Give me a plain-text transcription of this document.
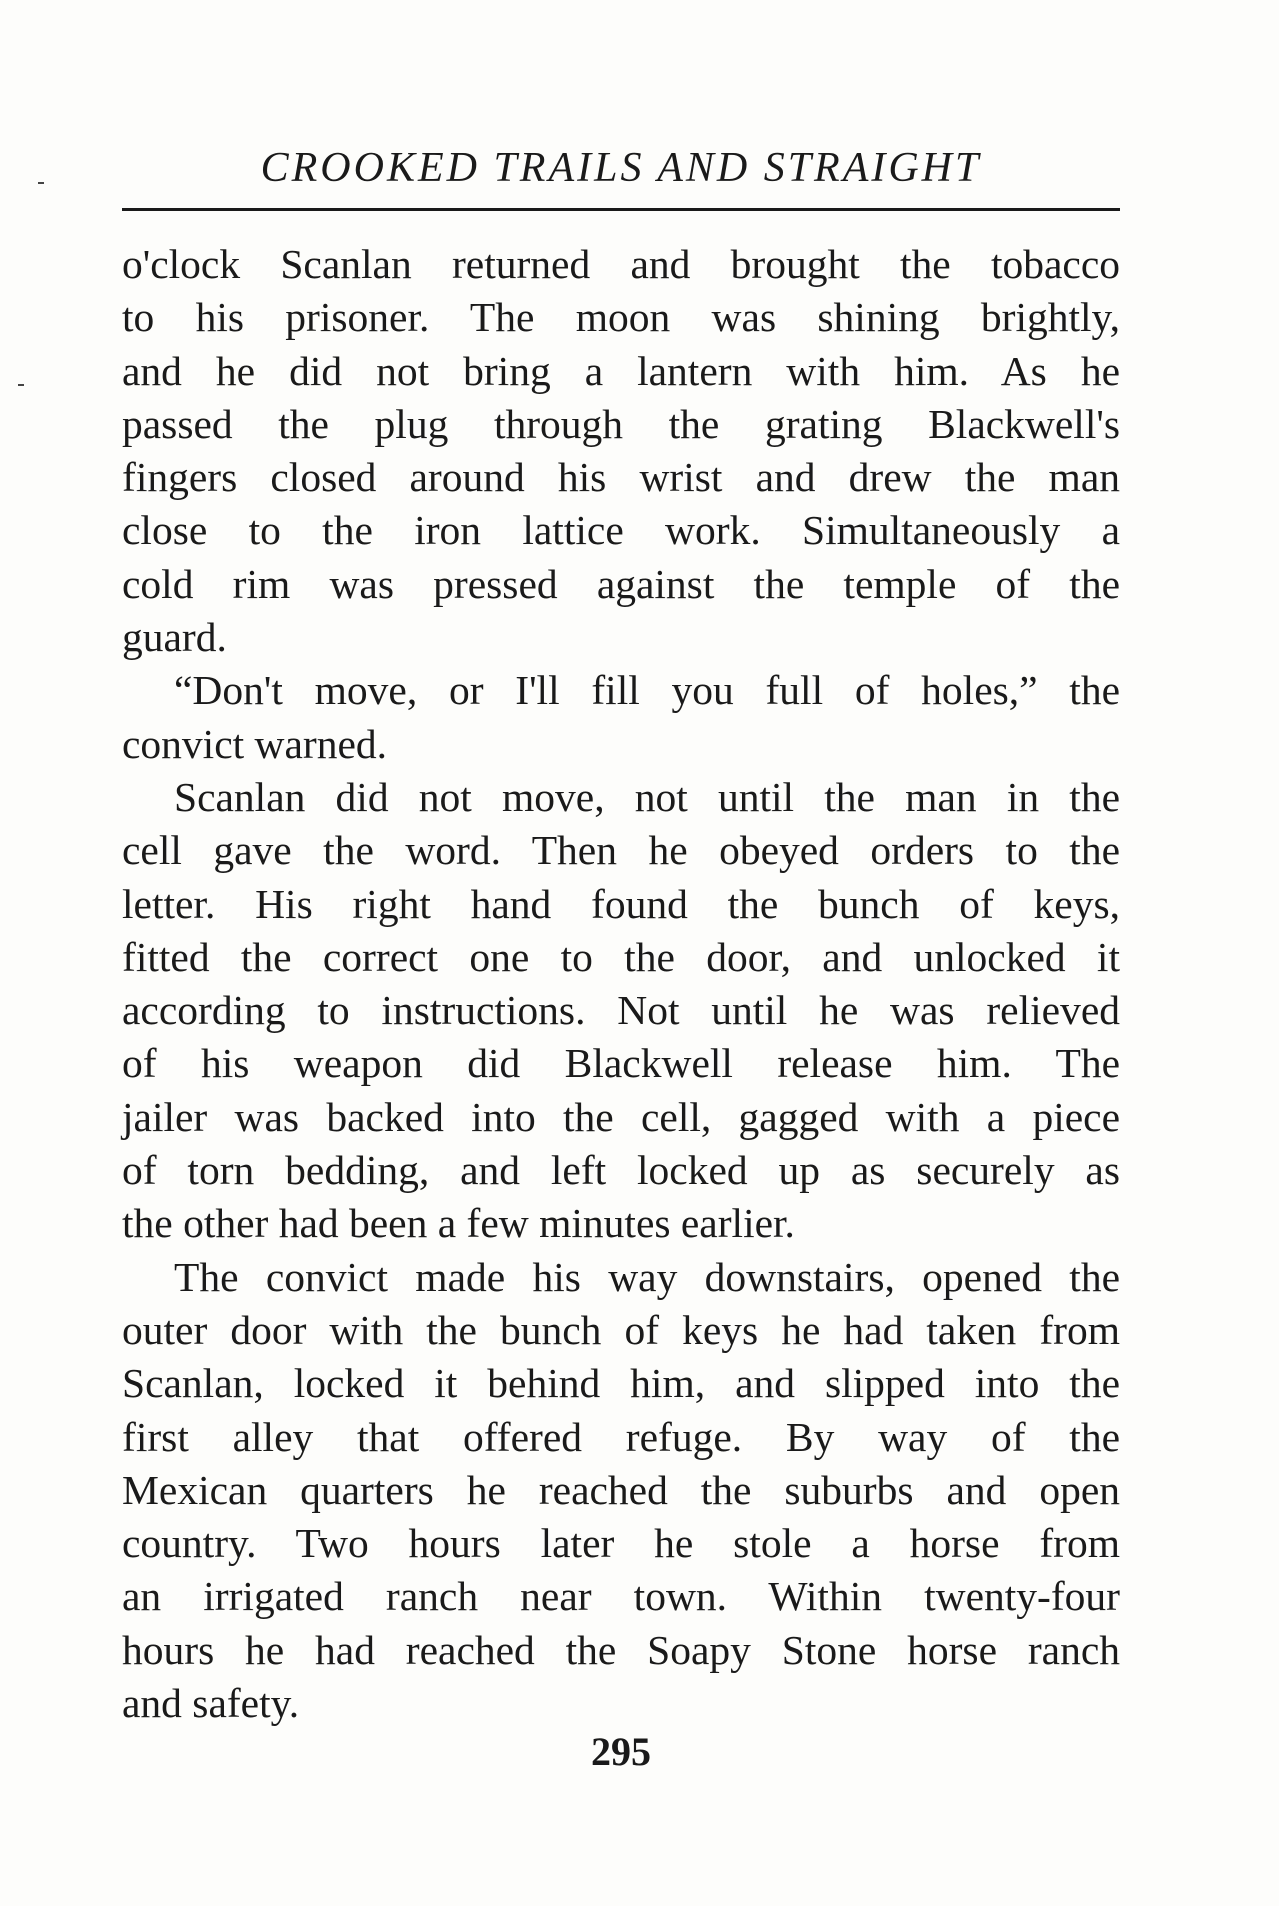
CROOKED TRAILS AND STRAIGHT
o'clock Scanlan returned and brought the tobacco
to his prisoner. The moon was shining brightly,
and he did not bring a lantern with him. As he
passed the plug through the grating Blackwell's
fingers closed around his wrist and drew the man
close to the iron lattice work. Simultaneously a
cold rim was pressed against the temple of the
guard.
“Don't move, or I'll fill you full of holes,” the
convict warned.
Scanlan did not move, not until the man in the
cell gave the word. Then he obeyed orders to the
letter. His right hand found the bunch of keys,
fitted the correct one to the door, and unlocked it
according to instructions. Not until he was relieved
of his weapon did Blackwell release him. The
jailer was backed into the cell, gagged with a piece
of torn bedding, and left locked up as securely as
the other had been a few minutes earlier.
The convict made his way downstairs, opened the
outer door with the bunch of keys he had taken from
Scanlan, locked it behind him, and slipped into the
first alley that offered refuge. By way of the
Mexican quarters he reached the suburbs and open
country. Two hours later he stole a horse from
an irrigated ranch near town. Within twenty-four
hours he had reached the Soapy Stone horse ranch
and safety.
295
